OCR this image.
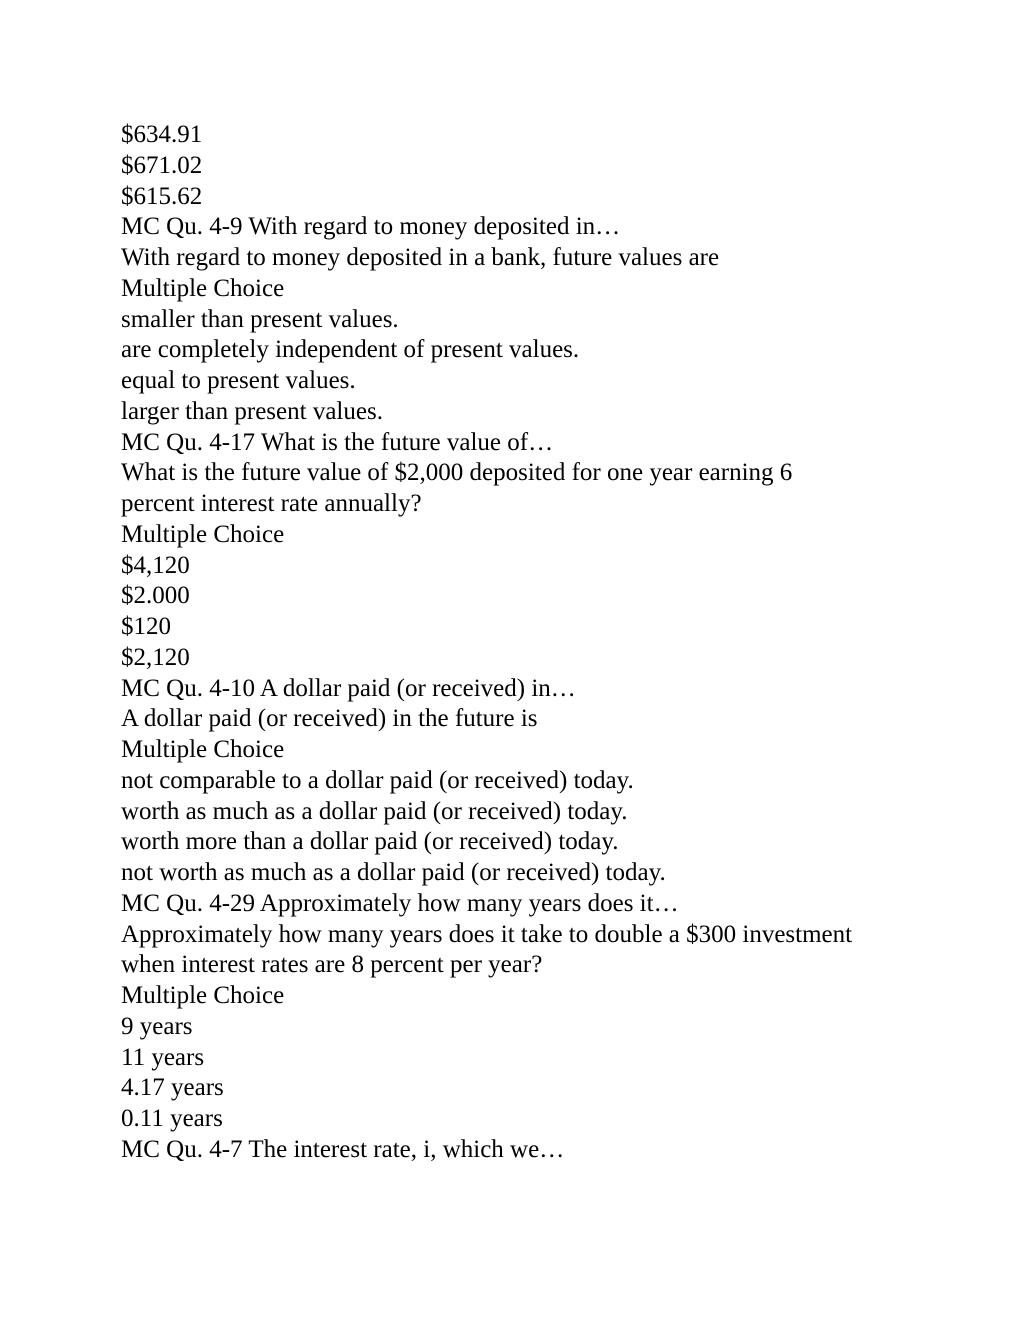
$634.91
$671.02
$615.62
MC Qu. 4-9 With regard to money deposited in…
With regard to money deposited in a bank, future values are
Multiple Choice
smaller than present values.
are completely independent of present values.
equal to present values.
larger than present values.
MC Qu. 4-17 What is the future value of…
What is the future value of $2,000 deposited for one year earning 6
percent interest rate annually?
Multiple Choice
$4,120
$2.000
$120
$2,120
MC Qu. 4-10 A dollar paid (or received) in…
A dollar paid (or received) in the future is
Multiple Choice
not comparable to a dollar paid (or received) today.
worth as much as a dollar paid (or received) today.
worth more than a dollar paid (or received) today.
not worth as much as a dollar paid (or received) today.
MC Qu. 4-29 Approximately how many years does it…
Approximately how many years does it take to double a $300 investment
when interest rates are 8 percent per year?
Multiple Choice
9 years
11 years
4.17 years
0.11 years
MC Qu. 4-7 The interest rate, i, which we…
